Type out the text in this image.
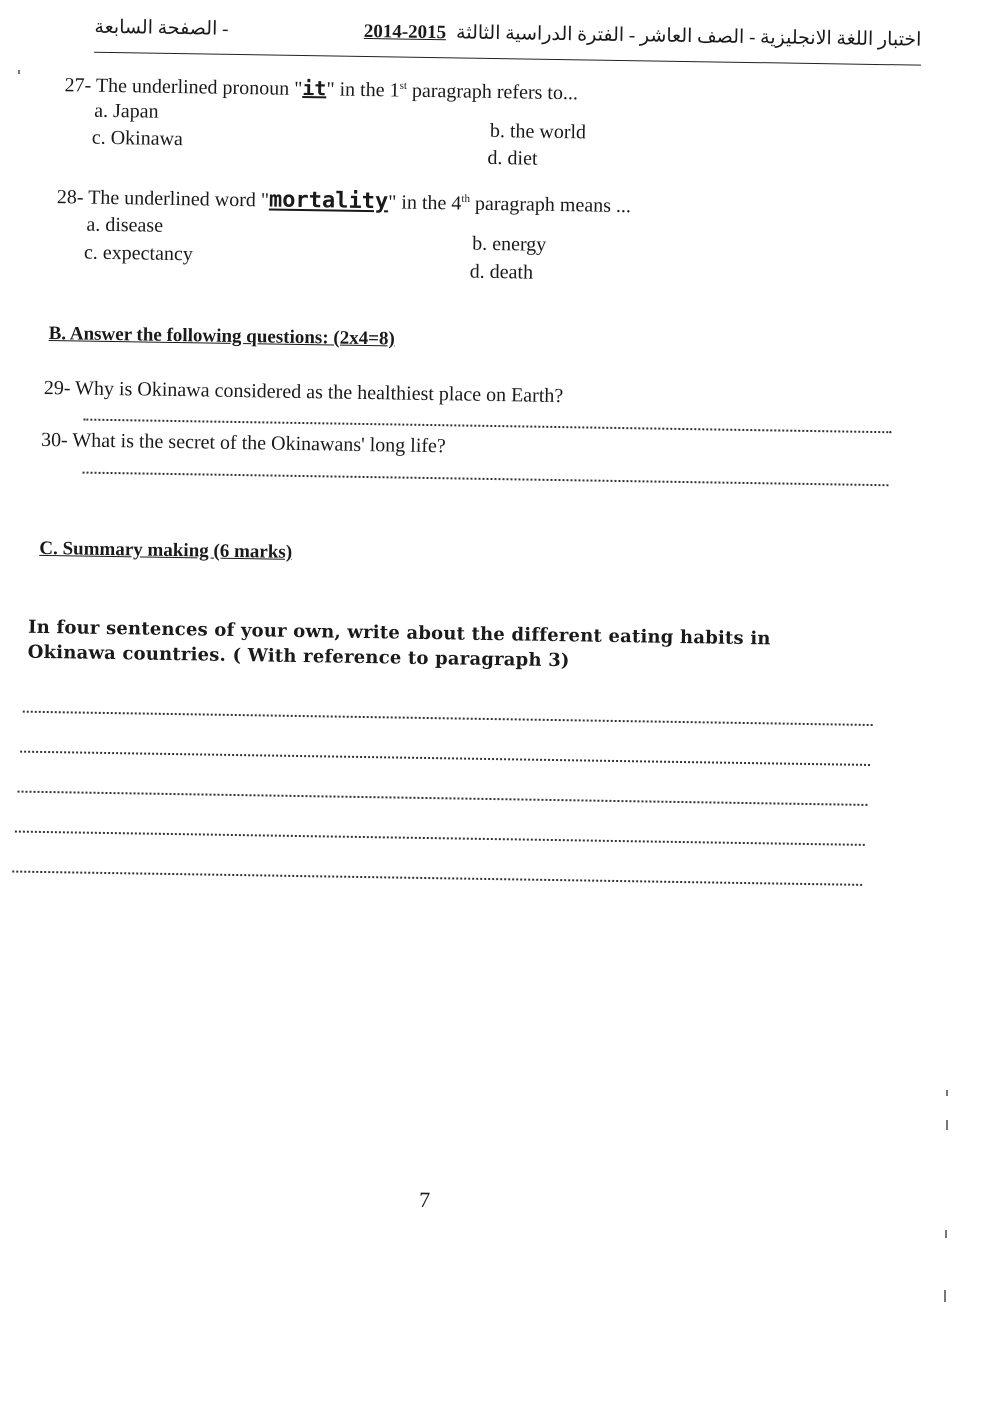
- الصفحة السابعة	اختبار اللغة الانجليزية - الصف العاشر - الفترة الدراسية الثالثة2014-2015
27- The underlined pronoun "it" in the 1st paragraph refers to...
a. Japan
b. the world
c. Okinawa
d. diet
28- The underlined word "mortality" in the 4th paragraph means ...
a. disease
b. energy
c. expectancy
d. death
B. Answer the following questions: (2x4=8)
29- Why is Okinawa considered as the healthiest place on Earth?
30- What is the secret of the Okinawans' long life?
C. Summary making (6 marks)
In four sentences of your own, write about the different eating habits in Okinawa countries. ( With reference to paragraph 3)
7
